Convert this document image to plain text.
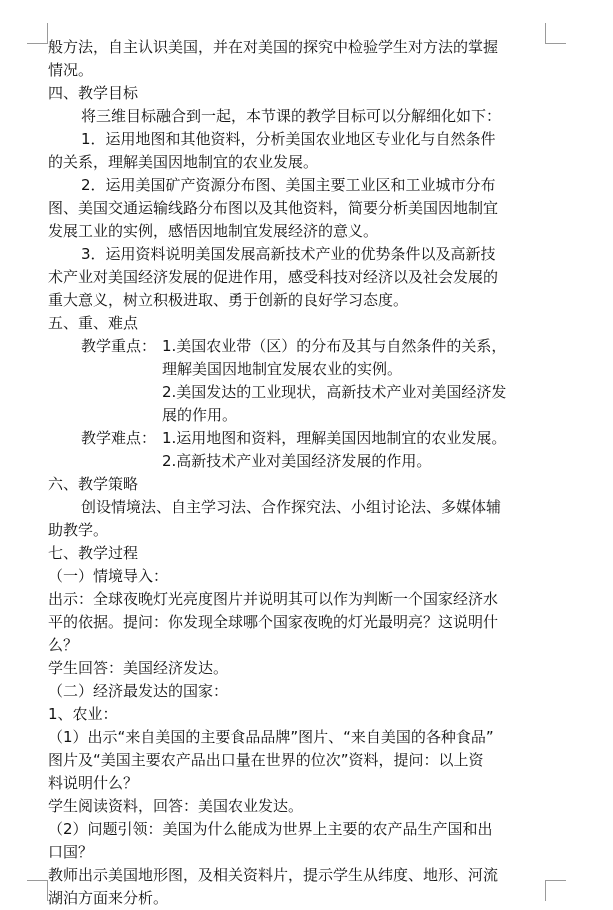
般方法，自主认识美国，并在对美国的探究中检验学生对方法的掌握
情况。
四、教学目标
将三维目标融合到一起，本节课的教学目标可以分解细化如下：
1．运用地图和其他资料，分析美国农业地区专业化与自然条件
的关系，理解美国因地制宜的农业发展。
2．运用美国矿产资源分布图、美国主要工业区和工业城市分布
图、美国交通运输线路分布图以及其他资料，简要分析美国因地制宜
发展工业的实例，感悟因地制宜发展经济的意义。
3．运用资料说明美国发展高新技术产业的优势条件以及高新技
术产业对美国经济发展的促进作用，感受科技对经济以及社会发展的
重大意义，树立积极进取、勇于创新的良好学习态度。
五、重、难点
教学重点： 1.美国农业带（区）的分布及其与自然条件的关系，
理解美国因地制宜发展农业的实例。
2.美国发达的工业现状，高新技术产业对美国经济发
展的作用。
教学难点： 1.运用地图和资料，理解美国因地制宜的农业发展。
2.高新技术产业对美国经济发展的作用。
六、教学策略
创设情境法、自主学习法、合作探究法、小组讨论法、多媒体辅
助教学。
七、教学过程
（一）情境导入：
出示：全球夜晚灯光亮度图片并说明其可以作为判断一个国家经济水
平的依据。提问：你发现全球哪个国家夜晚的灯光最明亮？这说明什
么？
学生回答：美国经济发达。
（二）经济最发达的国家：
1、农业：
（1）出示“来自美国的主要食品品牌”图片、“来自美国的各种食品”
图片及“美国主要农产品出口量在世界的位次”资料，提问：以上资
料说明什么？
学生阅读资料，回答：美国农业发达。
（2）问题引领：美国为什么能成为世界上主要的农产品生产国和出
口国？
教师出示美国地形图，及相关资料片，提示学生从纬度、地形、河流
湖泊方面来分析。
